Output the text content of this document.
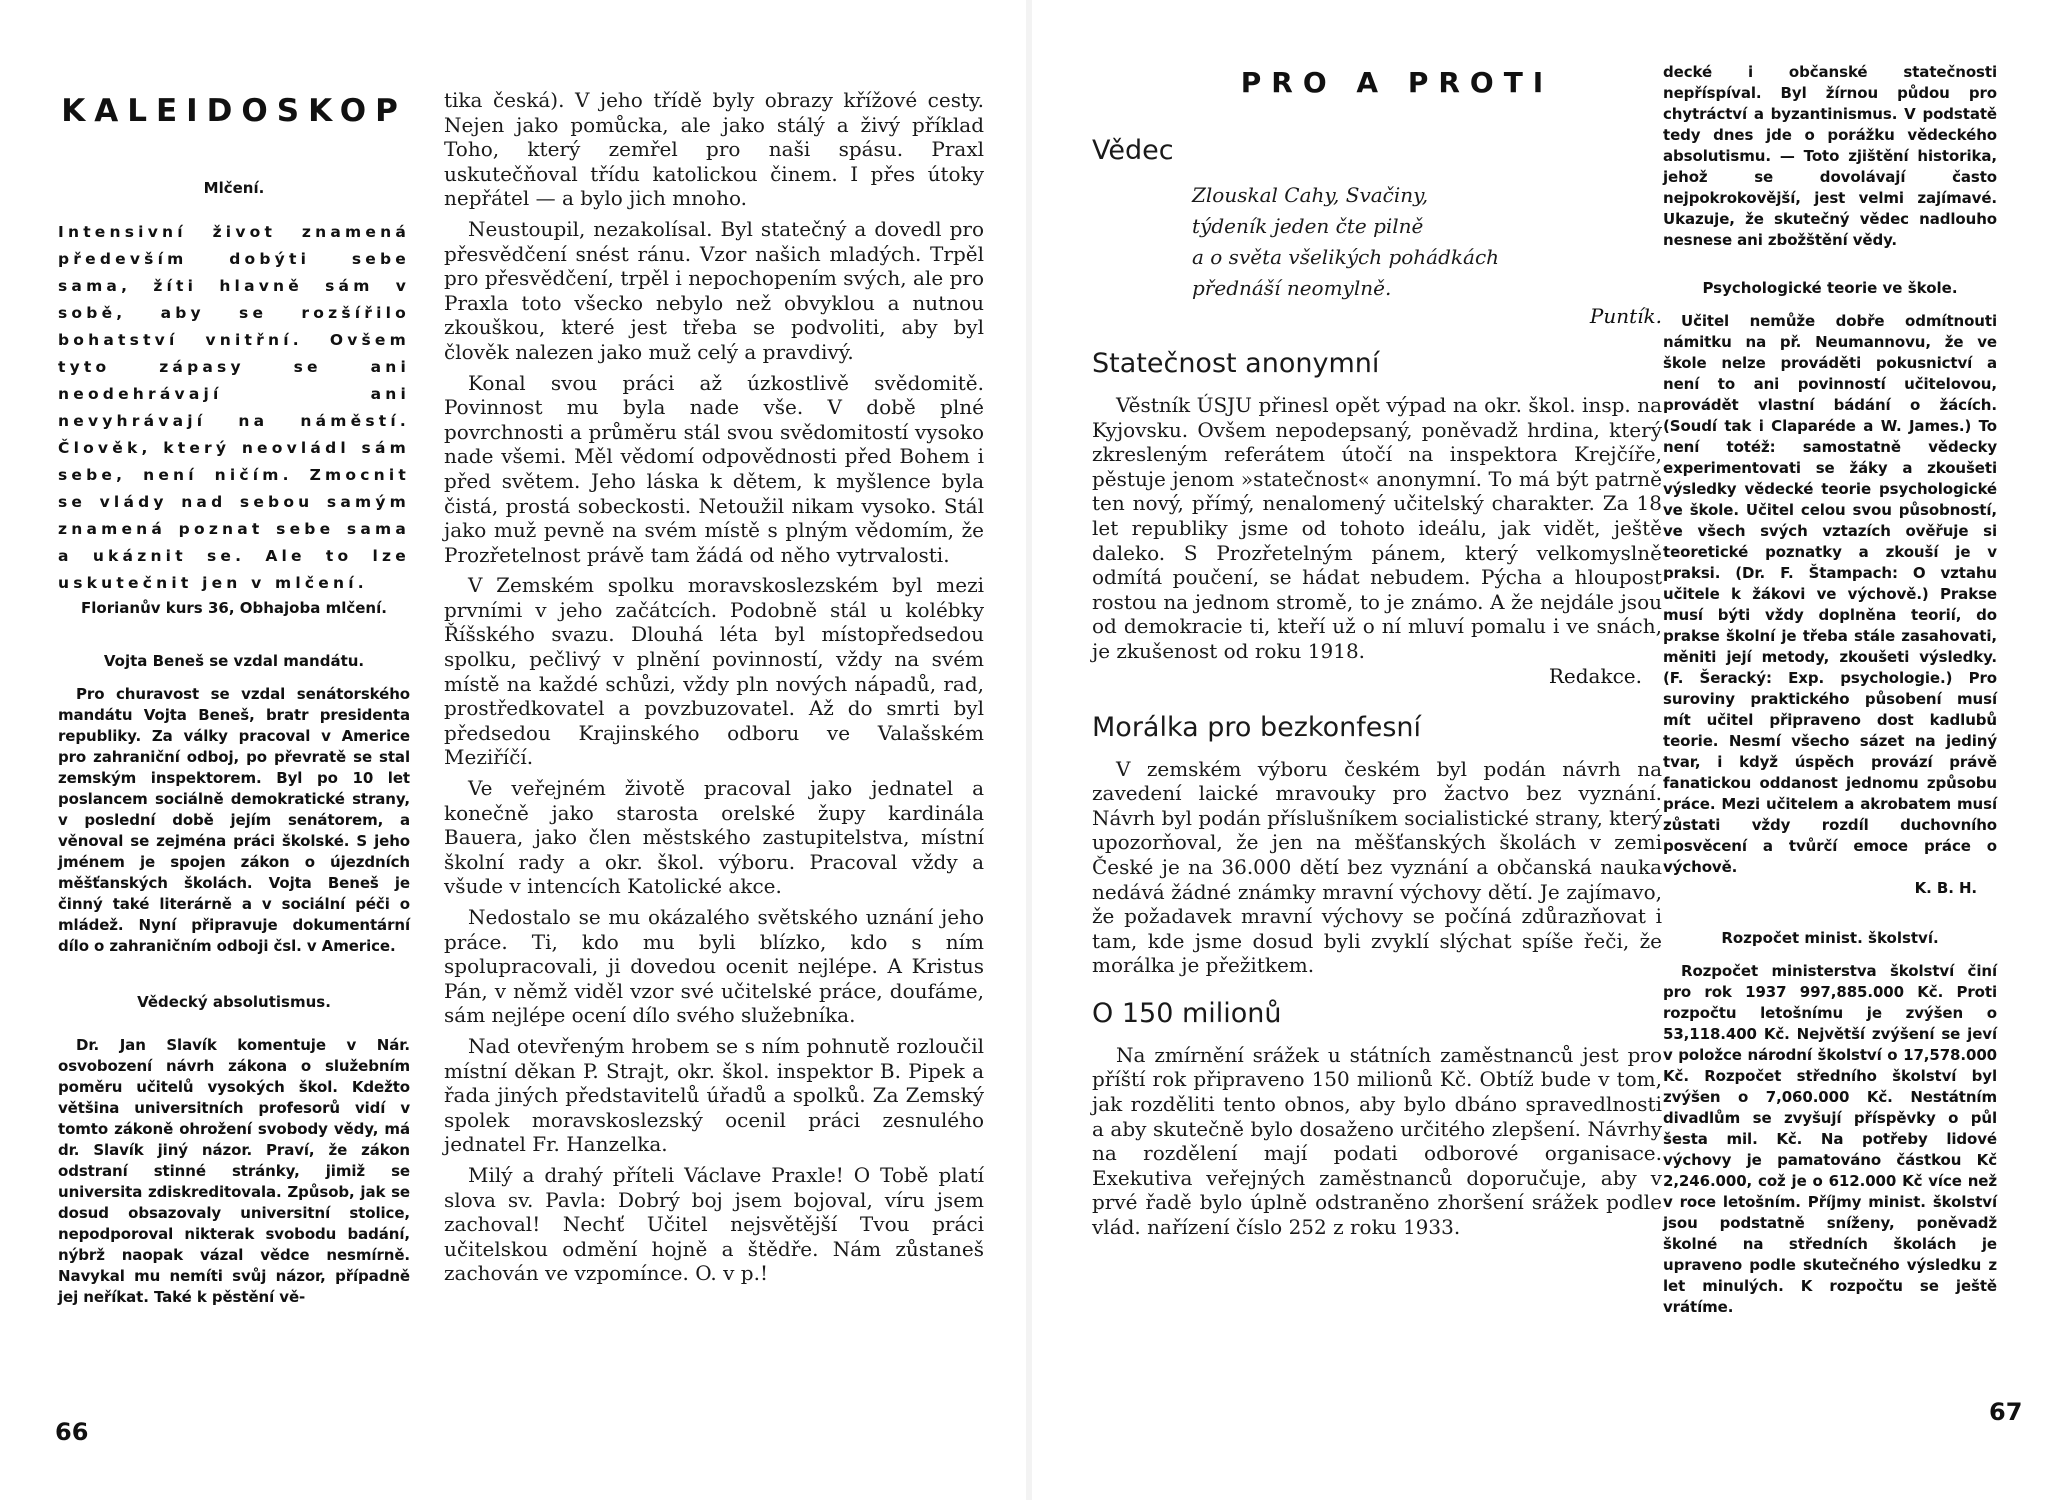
KALEIDOSKOP
Mlčení.
Intensivní život znamená především dobýti sebe sama, žíti hlavně sám v sobě, aby se rozšířilo bohatství vnitřní. Ovšem tyto zápasy se ani neodehrávají ani nevyhrávají na náměstí. Člověk, který neovládl sám sebe, není ničím. Zmocnit se vlády nad sebou samým znamená poznat sebe sama a ukáznit se. Ale to lze uskutečnit jen v mlčení.
Florianův kurs 36, Obhajoba mlčení.
Vojta Beneš se vzdal mandátu.

Pro churavost se vzdal senátorského mandátu Vojta Beneš, bratr presidenta republiky. Za války pracoval v Americe pro zahraniční odboj, po převratě se stal zemským inspektorem. Byl po 10 let poslancem sociálně demokratické strany, v poslední době jejím senátorem, a věnoval se zejména práci školské. S jeho jménem je spojen zákon o újezdních měšťanských školách. Vojta Beneš je činný také literárně a v sociální péči o mládež. Nyní připravuje dokumentární dílo o zahraničním odboji čsl. v Americe.

Vědecký absolutismus.

Dr. Jan Slavík komentuje v Nár. osvobození návrh zákona o služebním poměru učitelů vysokých škol. Kdežto většina universitních profesorů vidí v tomto zákoně ohrožení svobody vědy, má dr. Slavík jiný názor. Praví, že zákon odstraní stinné stránky, jimiž se universita zdiskreditovala. Způsob, jak se dosud obsazovaly universitní stolice, nepodporoval nikterak svobodu badání, nýbrž naopak vázal vědce nesmírně. Navykal mu nemíti svůj názor, případně jej neříkat. Také k pěstění vě-

tika česká). V jeho třídě byly obrazy křížové cesty. Nejen jako pomůcka, ale jako stálý a živý příklad Toho, který zemřel pro naši spásu. Praxl uskutečňoval třídu katolickou činem. I přes útoky nepřátel — a bylo jich mnoho.

Neustoupil, nezakolísal. Byl statečný a dovedl pro přesvědčení snést ránu. Vzor našich mladých. Trpěl pro přesvědčení, trpěl i nepochopením svých, ale pro Praxla toto všecko nebylo než obvyklou a nutnou zkouškou, které jest třeba se podvoliti, aby byl člověk nalezen jako muž celý a pravdivý.

Konal svou práci až úzkostlivě svědomitě. Povinnost mu byla nade vše. V době plné povrchnosti a průměru stál svou svědomitostí vysoko nade všemi. Měl vědomí odpovědnosti před Bohem i před světem. Jeho láska k dětem, k myšlence byla čistá, prostá sobeckosti. Netoužil nikam vysoko. Stál jako muž pevně na svém místě s plným vědomím, že Prozřetelnost právě tam žádá od něho vytrvalosti.

V Zemském spolku moravskoslezském byl mezi prvními v jeho začátcích. Podobně stál u kolébky Říšského svazu. Dlouhá léta byl místopředsedou spolku, pečlivý v plnění povinností, vždy na svém místě na každé schůzi, vždy pln nových nápadů, rad, prostředkovatel a povzbuzovatel. Až do smrti byl předsedou Krajinského odboru ve Valašském Meziříčí.

Ve veřejném životě pracoval jako jednatel a konečně jako starosta orelské župy kardinála Bauera, jako člen městského zastupitelstva, místní školní rady a okr. škol. výboru. Pracoval vždy a všude v intencích Katolické akce.

Nedostalo se mu okázalého světského uznání jeho práce. Ti, kdo mu byli blízko, kdo s ním spolupracovali, ji dovedou ocenit nejlépe. A Kristus Pán, v němž viděl vzor své učitelské práce, doufáme, sám nejlépe ocení dílo svého služebníka.

Nad otevřeným hrobem se s ním pohnutě rozloučil místní děkan P. Strajt, okr. škol. inspektor B. Pipek a řada jiných představitelů úřadů a spolků. Za Zemský spolek moravskoslezský ocenil práci zesnulého jednatel Fr. Hanzelka.

Milý a drahý příteli Václave Praxle! O Tobě platí slova sv. Pavla: Dobrý boj jsem bojoval, víru jsem zachoval! Nechť Učitel nejsvětější Tvou práci učitelskou odmění hojně a štědře. Nám zůstaneš zachován ve vzpomínce. O. v p.!

66
PRO A PROTI
Vědec
Zlouskal Cahy, Svačiny,
týdeník jeden čte pilně
a o světa všelikých pohádkách
přednáší neomylně.
Puntík.
Statečnost anonymní

Věstník ÚSJU přinesl opět výpad na okr. škol. insp. na Kyjovsku. Ovšem nepodepsaný, poněvadž hrdina, který zkresleným referátem útočí na inspektora Krejčíře, pěstuje jenom »statečnost« anonymní. To má být patrně ten nový, přímý, nenalomený učitelský charakter. Za 18 let republiky jsme od tohoto ideálu, jak vidět, ještě daleko. S Prozřetelným pánem, který velkomyslně odmítá poučení, se hádat nebudem. Pýcha a hloupost rostou na jednom stromě, to je známo. A že nejdále jsou od demokracie ti, kteří už o ní mluví pomalu i ve snách, je zkušenost od roku 1918.

Redakce.
Morálka pro bezkonfesní

V zemském výboru českém byl podán návrh na zavedení laické mravouky pro žactvo bez vyznání. Návrh byl podán příslušníkem socialistické strany, který upozorňoval, že jen na měšťanských školách v zemi České je na 36.000 dětí bez vyznání a občanská nauka nedává žádné známky mravní výchovy dětí. Je zajímavo, že požadavek mravní výchovy se počíná zdůrazňovat i tam, kde jsme dosud byli zvyklí slýchat spíše řeči, že morálka je přežitkem.

O 150 milionů

Na zmírnění srážek u státních zaměstnanců jest pro příští rok připraveno 150 milionů Kč. Obtíž bude v tom, jak rozděliti tento obnos, aby bylo dbáno spravedlnosti a aby skutečně bylo dosaženo určitého zlepšení. Návrhy na rozdělení mají podati odborové organisace. Exekutiva veřejných zaměstnanců doporučuje, aby v prvé řadě bylo úplně odstraněno zhoršení srážek podle vlád. nařízení číslo 252 z roku 1933.

decké i občanské statečnosti nepříspíval. Byl žírnou půdou pro chytráctví a byzantinismus. V podstatě tedy dnes jde o porážku vědeckého absolutismu. — Toto zjištění historika, jehož se dovolávají často nejpokrokovější, jest velmi zajímavé. Ukazuje, že skutečný vědec nadlouho nesnese ani zbožštění vědy.

Psychologické teorie ve škole.

Učitel nemůže dobře odmítnouti námitku na př. Neumannovu, že ve škole nelze prováděti pokusnictví a není to ani povinností učitelovou, provádět vlastní bádání o žácích. (Soudí tak i Claparéde a W. James.) To není totéž: samostatně vědecky experimentovati se žáky a zkoušeti výsledky vědecké teorie psychologické ve škole. Učitel celou svou působností, ve všech svých vztazích ověřuje si teoretické poznatky a zkouší je v praksi. (Dr. F. Štampach: O vztahu učitele k žákovi ve výchově.) Prakse musí býti vždy doplněna teorií, do prakse školní je třeba stále zasahovati, měniti její metody, zkoušeti výsledky. (F. Šeracký: Exp. psychologie.) Pro suroviny praktického působení musí mít učitel připraveno dost kadlubů teorie. Nesmí všecho sázet na jediný tvar, i když úspěch provází právě fanatickou oddanost jednomu způsobu práce. Mezi učitelem a akrobatem musí zůstati vždy rozdíl duchovního posvěcení a tvůrčí emoce práce o výchově.

K. B. H.
Rozpočet minist. školství.

Rozpočet ministerstva školství činí pro rok 1937 997,885.000 Kč. Proti rozpočtu letošnímu je zvýšen o 53,118.400 Kč. Největší zvýšení se jeví v položce národní školství o 17,578.000 Kč. Rozpočet středního školství byl zvýšen o 7,060.000 Kč. Nestátním divadlům se zvyšují příspěvky o půl šesta mil. Kč. Na potřeby lidové výchovy je pamatováno částkou Kč 2,246.000, což je o 612.000 Kč více než v roce letošním. Příjmy minist. školství jsou podstatně sníženy, poněvadž školné na středních školách je upraveno podle skutečného výsledku z let minulých. K rozpočtu se ještě vrátíme.

67
